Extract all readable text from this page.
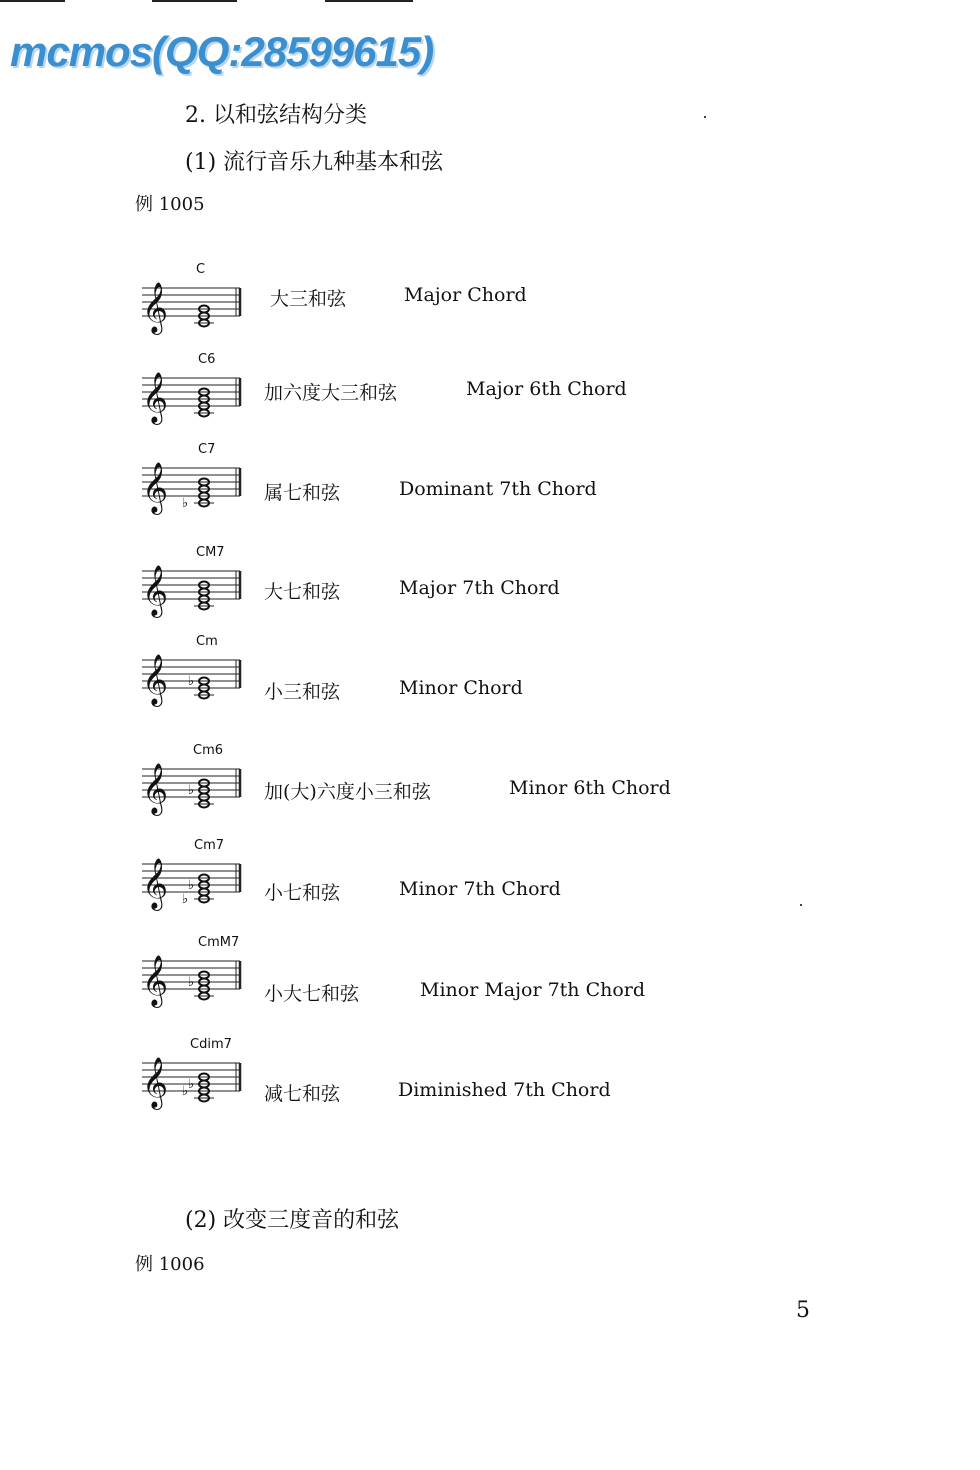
mcmos(QQ:28599615)
2. 以和弦结构分类
(1) 流行音乐九种基本和弦
例 1005
𝄞
C
大三和弦	Major Chord
𝄞
C6
加六度大三和弦	Major 6th Chord
𝄞 ♭
C7
属七和弦	Dominant 7th Chord
𝄞
CM7
大七和弦	Major 7th Chord
𝄞 ♭
Cm
小三和弦	Minor Chord
𝄞 ♭
Cm6
加(大)六度小三和弦	Minor 6th Chord
𝄞 ♭
♭
Cm7
小七和弦	Minor 7th Chord
𝄞 ♭
CmM7
小大七和弦	Minor Major 7th Chord
𝄞 ♭
♭
Cdim7
减七和弦	Diminished 7th Chord
(2) 改变三度音的和弦
例 1006
5
